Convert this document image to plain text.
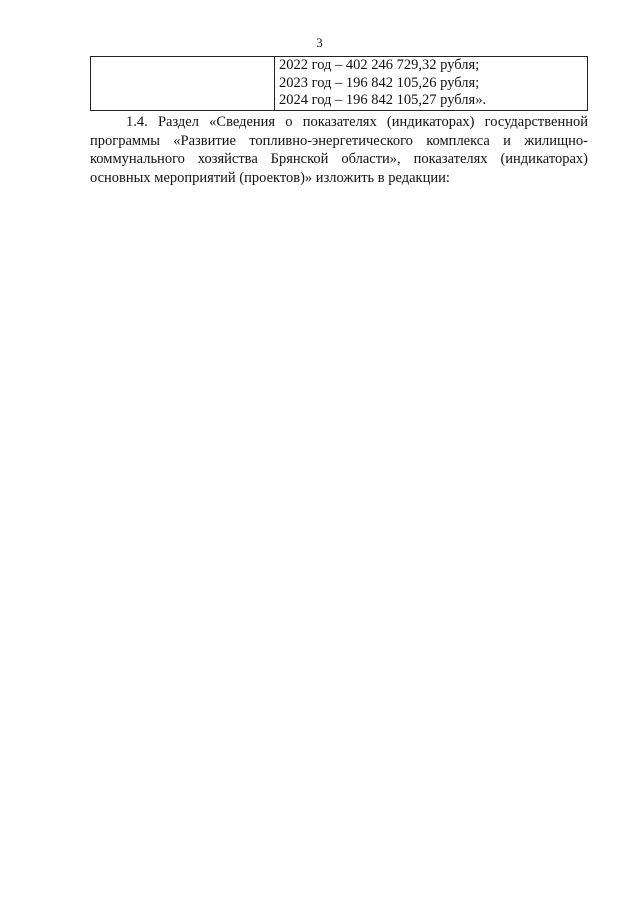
3

2022 год – 402 246 729,32 рубля;
2023 год – 196 842 105,26 рубля;
2024 год – 196 842 105,27 рубля».

1.4. Раздел «Сведения о показателях (индикаторах) государственной программы «Развитие топливно-энергетического комплекса и жилищно-коммунального хозяйства Брянской области», показателях (индикаторах) основных мероприятий (проектов)» изложить в редакции:
